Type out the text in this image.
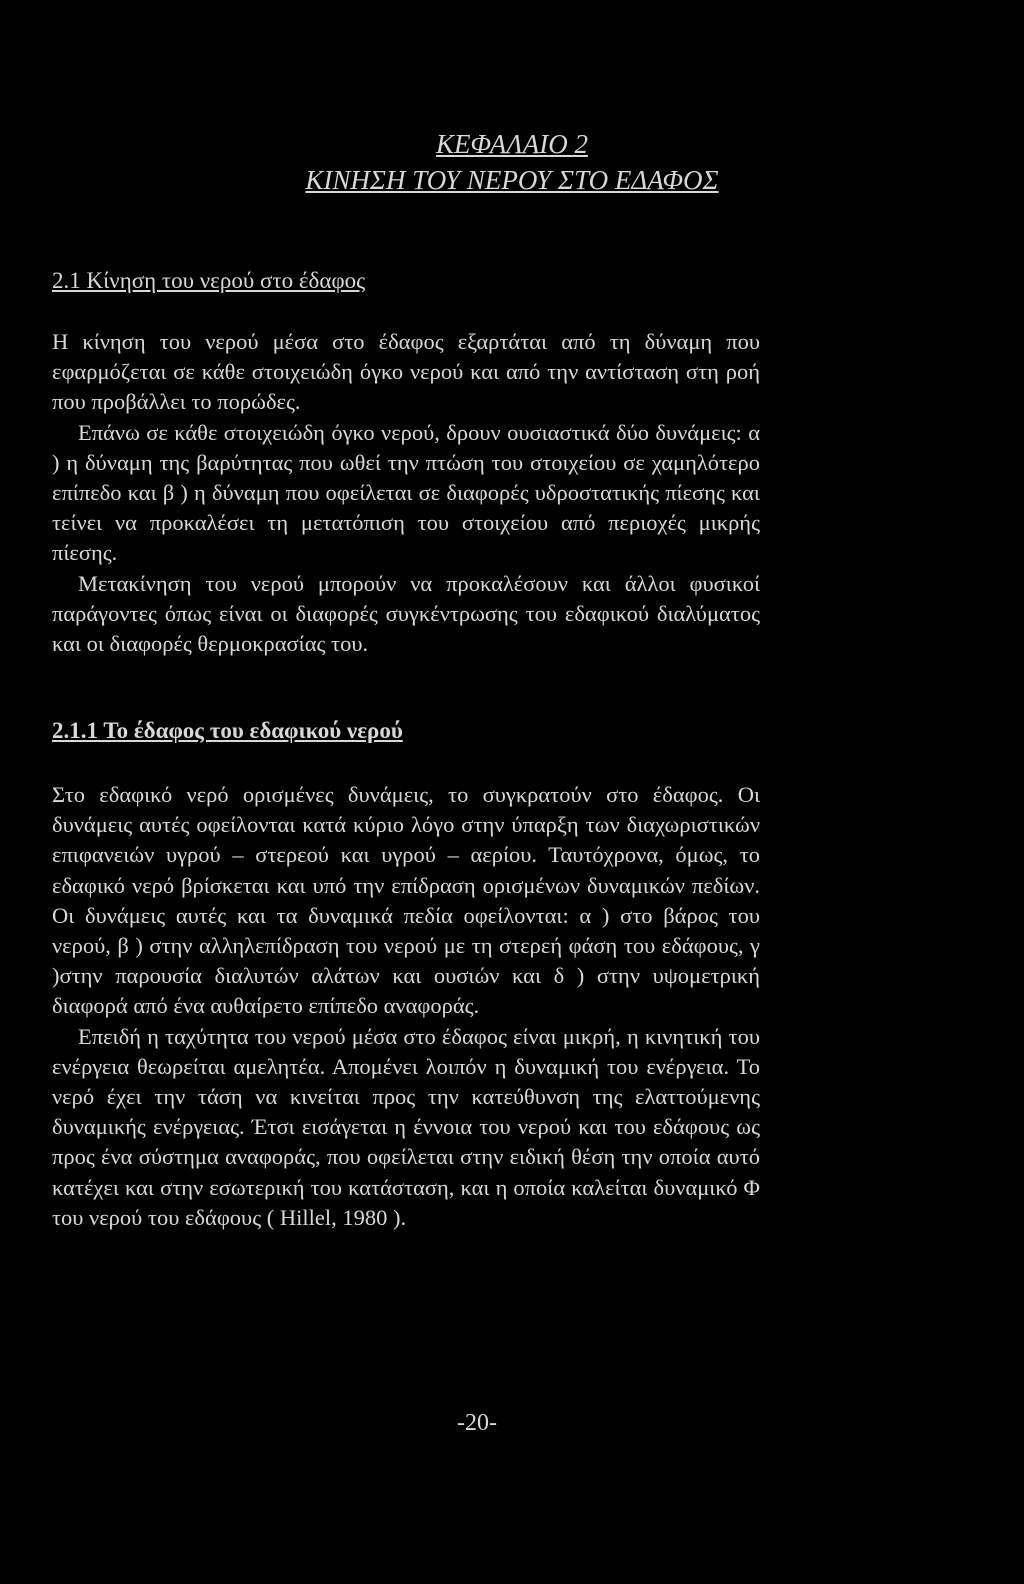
ΚΕΦΑΛΑΙΟ 2
ΚΙΝΗΣΗ ΤΟΥ ΝΕΡΟΥ ΣΤΟ ΕΔΑΦΟΣ
2.1 Κίνηση του νερού στο έδαφος

Η κίνηση του νερού μέσα στο έδαφος εξαρτάται από τη δύναμη που εφαρμόζεται σε κάθε στοιχειώδη όγκο νερού και από την αντίσταση στη ροή που προβάλλει το πορώδες.
Επάνω σε κάθε στοιχειώδη όγκο νερού, δρουν ουσιαστικά δύο δυνάμεις: α ) η δύναμη της βαρύτητας που ωθεί την πτώση του στοιχείου σε χαμηλότερο επίπεδο και β ) η δύναμη που οφείλεται σε διαφορές υδροστατικής πίεσης και τείνει να προκαλέσει τη μετατόπιση του στοιχείου από περιοχές μικρής πίεσης.
Μετακίνηση του νερού μπορούν να προκαλέσουν και άλλοι φυσικοί παράγοντες όπως είναι οι διαφορές συγκέντρωσης του εδαφικού διαλύματος και οι διαφορές θερμοκρασίας του.

2.1.1 Το έδαφος του εδαφικού νερού

Στο εδαφικό νερό ορισμένες δυνάμεις, το συγκρατούν στο έδαφος. Οι δυνάμεις αυτές οφείλονται κατά κύριο λόγο στην ύπαρξη των διαχωριστικών επιφανειών υγρού – στερεού και υγρού – αερίου. Ταυτόχρονα, όμως, το εδαφικό νερό βρίσκεται και υπό την επίδραση ορισμένων δυναμικών πεδίων. Οι δυνάμεις αυτές και τα δυναμικά πεδία οφείλονται: α ) στο βάρος του νερού, β ) στην αλληλεπίδραση του νερού με τη στερεή φάση του εδάφους, γ )στην παρουσία διαλυτών αλάτων και ουσιών και δ ) στην υψομετρική διαφορά από ένα αυθαίρετο επίπεδο αναφοράς.
Επειδή η ταχύτητα του νερού μέσα στο έδαφος είναι μικρή, η κινητική του ενέργεια θεωρείται αμελητέα. Απομένει λοιπόν η δυναμική του ενέργεια. Το νερό έχει την τάση να κινείται προς την κατεύθυνση της ελαττούμενης δυναμικής ενέργειας. Έτσι εισάγεται η έννοια του νερού και του εδάφους ως προς ένα σύστημα αναφοράς, που οφείλεται στην ειδική θέση την οποία αυτό κατέχει και στην εσωτερική του κατάσταση, και η οποία καλείται δυναμικό Φ του νερού του εδάφους ( Hillel, 1980 ).

-20-
